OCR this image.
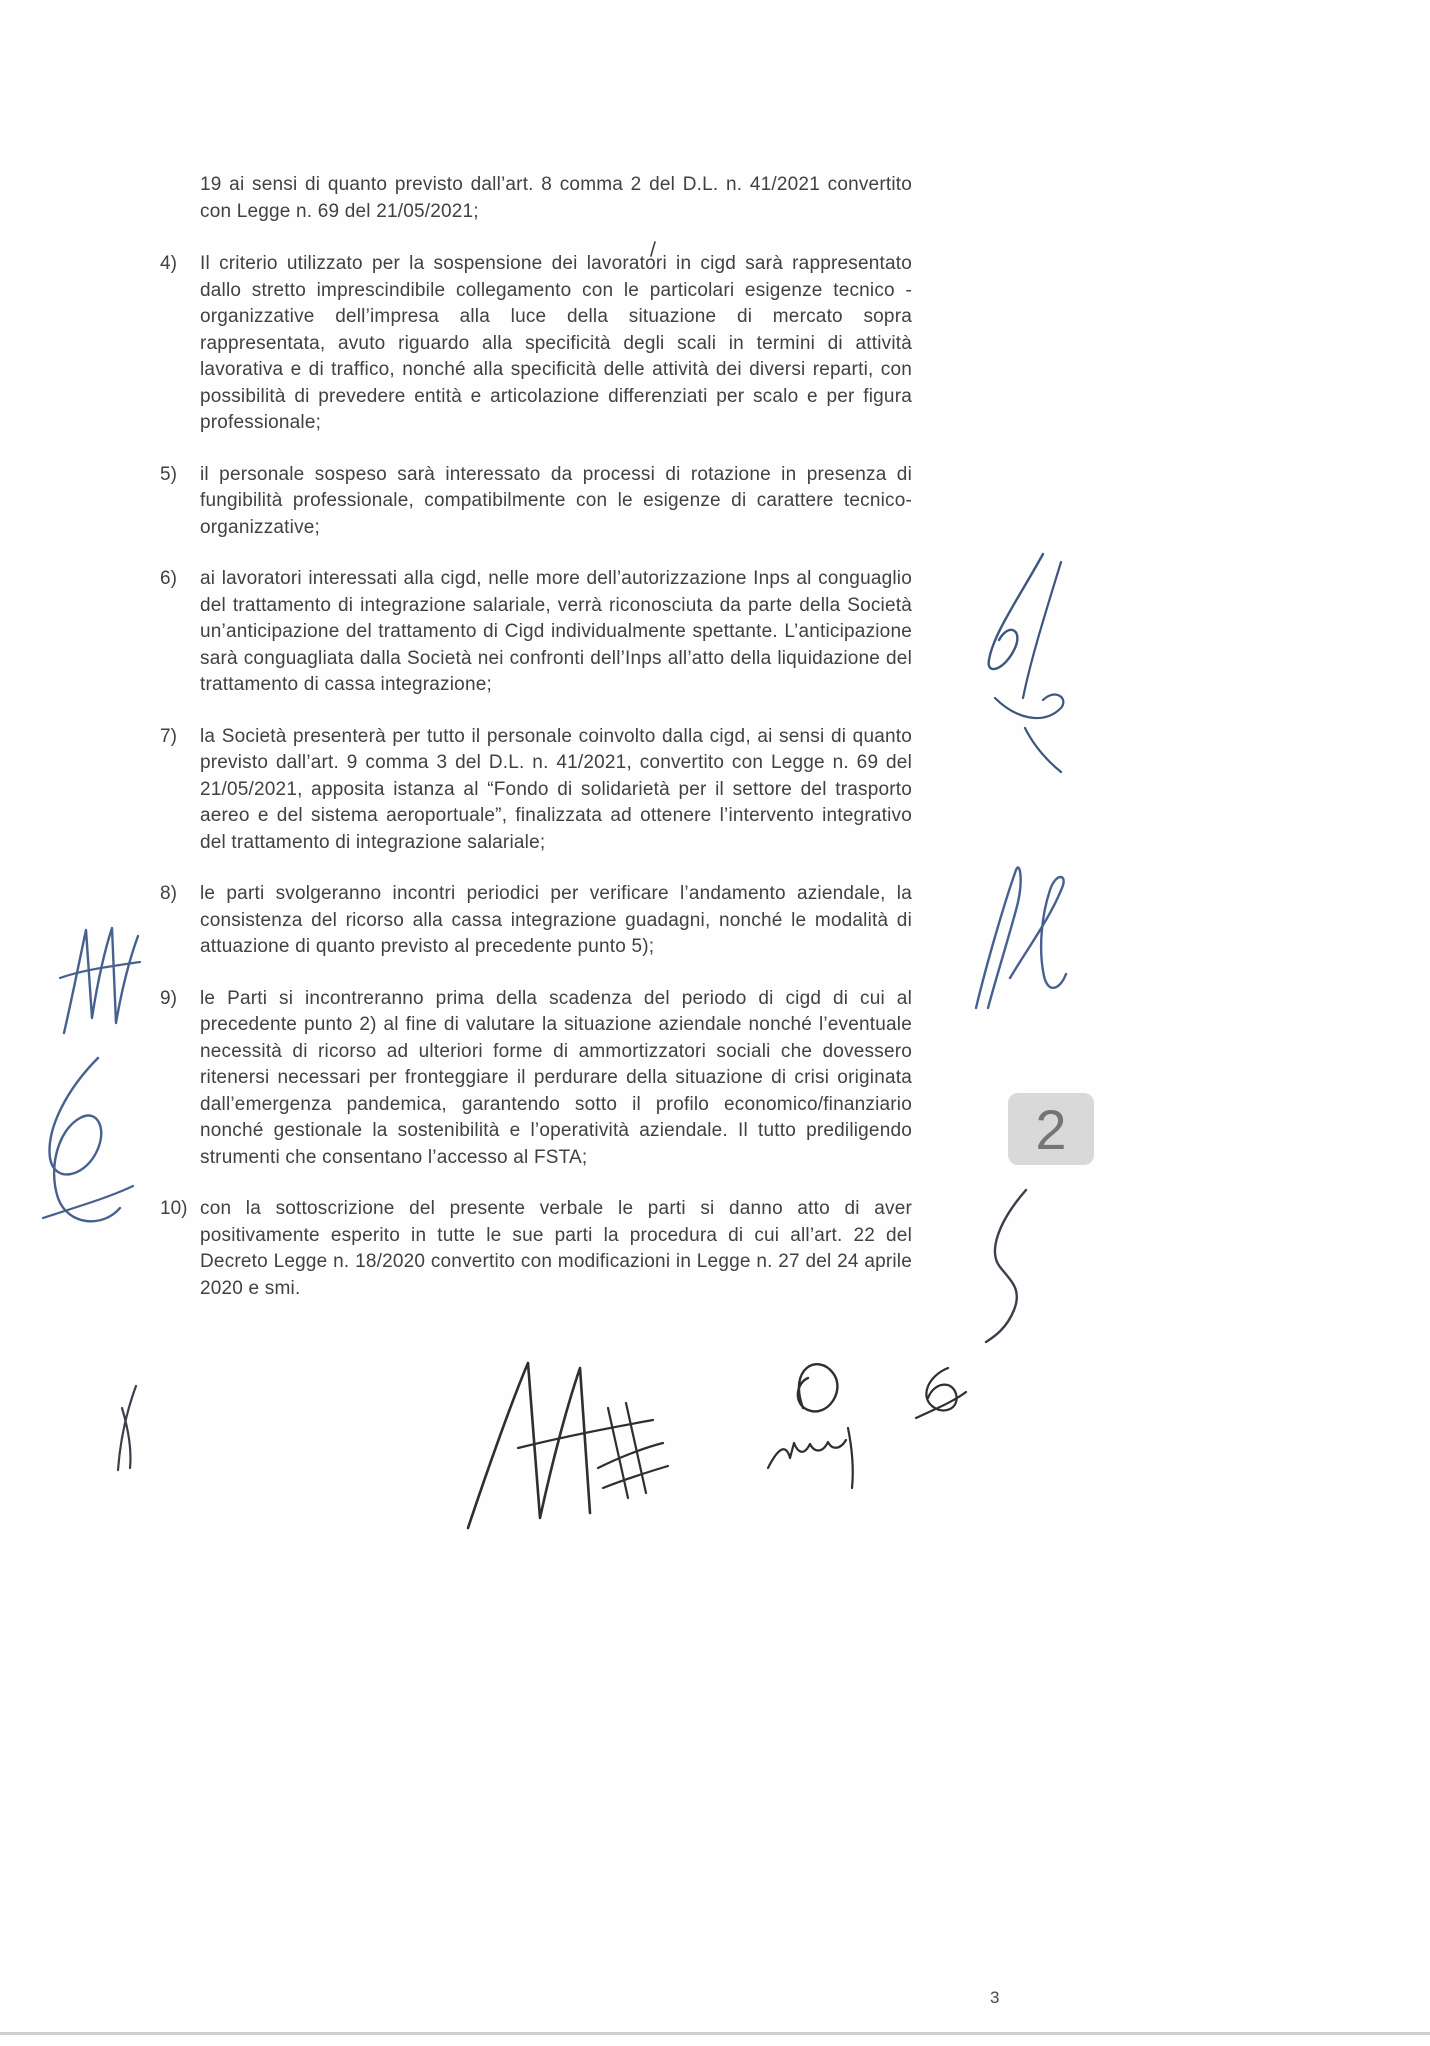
19 ai sensi di quanto previsto dall’art. 8 comma 2 del D.L. n. 41/2021 convertito con Legge n. 69 del 21/05/2021;

4)	Il criterio utilizzato per la sospensione dei lavoratori in cigd sarà rappresentato dallo stretto imprescindibile collegamento con le particolari esigenze tecnico - organizzative dell’impresa alla luce della situazione di mercato sopra rappresentata, avuto riguardo alla specificità degli scali in termini di attività lavorativa e di traffico, nonché alla specificità delle attività dei diversi reparti, con possibilità di prevedere entità e articolazione differenziati per scalo e per figura professionale;
5)	il personale sospeso sarà interessato da processi di rotazione in presenza di fungibilità professionale, compatibilmente con le esigenze di carattere tecnico-organizzative;
6)	ai lavoratori interessati alla cigd, nelle more dell’autorizzazione Inps al conguaglio del trattamento di integrazione salariale, verrà riconosciuta da parte della Società un’anticipazione del trattamento di Cigd individualmente spettante. L’anticipazione sarà conguagliata dalla Società nei confronti dell’Inps all’atto della liquidazione del trattamento di cassa integrazione;
7)	la Società presenterà per tutto il personale coinvolto dalla cigd, ai sensi di quanto previsto dall’art. 9 comma 3 del D.L. n. 41/2021, convertito con Legge n. 69 del 21/05/2021, apposita istanza al “Fondo di solidarietà per il settore del trasporto aereo e del sistema aeroportuale”, finalizzata ad ottenere l’intervento integrativo del trattamento di integrazione salariale;
8)	le parti svolgeranno incontri periodici per verificare l’andamento aziendale, la consistenza del ricorso alla cassa integrazione guadagni, nonché le modalità di attuazione di quanto previsto al precedente punto 5);
9)	le Parti si incontreranno prima della scadenza del periodo di cigd di cui al precedente punto 2) al fine di valutare la situazione aziendale nonché l’eventuale necessità di ricorso ad ulteriori forme di ammortizzatori sociali che dovessero ritenersi necessari per fronteggiare il perdurare della situazione di crisi originata dall’emergenza pandemica, garantendo sotto il profilo economico/finanziario nonché gestionale la sostenibilità e l’operatività aziendale. Il tutto prediligendo strumenti che consentano l’accesso al FSTA;
10) con la sottoscrizione del presente verbale le parti si danno atto di aver positivamente esperito in tutte le sue parti la procedura di cui all’art. 22 del Decreto Legge n. 18/2020 convertito con modificazioni in Legge n. 27 del 24 aprile 2020 e smi.
2
3
